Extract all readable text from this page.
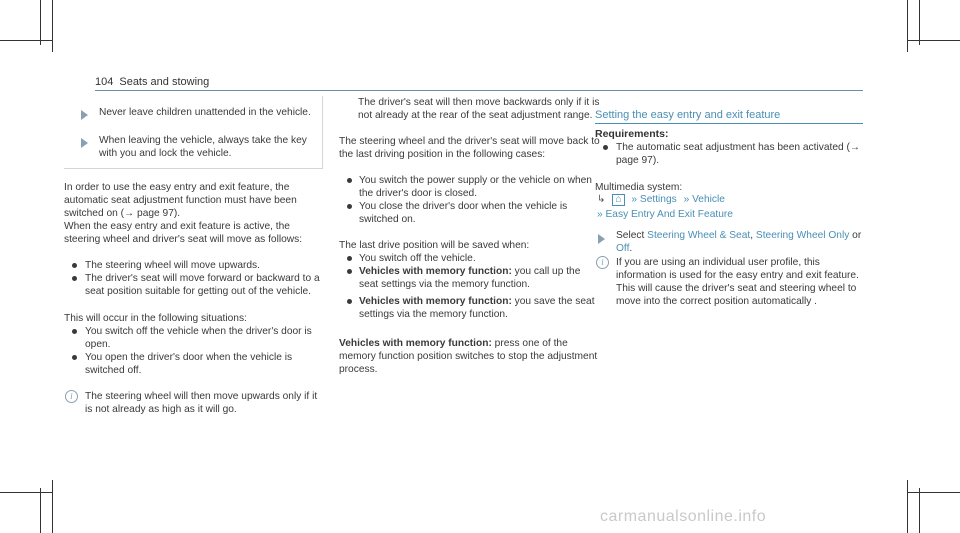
104 Seats and stowing
Never leave children unattended in the vehicle.
When leaving the vehicle, always take the key with you and lock the vehicle.
In order to use the easy entry and exit feature, the automatic seat adjustment function must have been switched on (→ page 97).
When the easy entry and exit feature is active, the steering wheel and driver's seat will move as follows:
The steering wheel will move upwards.
The driver's seat will move forward or backward to a seat position suitable for getting out of the vehicle.
This will occur in the following situations:
You switch off the vehicle when the driver's door is open.
You open the driver's door when the vehicle is switched off.
i	The steering wheel will then move upwards only if it is not already as high as it will go.
The driver's seat will then move backwards only if it is not already at the rear of the seat adjustment range.
The steering wheel and the driver's seat will move back to the last driving position in the following cases:
You switch the power supply or the vehicle on when the driver's door is closed.
You close the driver's door when the vehicle is switched on.
The last drive position will be saved when:
You switch off the vehicle.
Vehicles with memory function: you call up the seat settings via the memory function.
Vehicles with memory function: you save the seat settings via the memory function.
Vehicles with memory function: press one of the memory function position switches to stop the adjustment process.
Setting the easy entry and exit feature
Requirements:
The automatic seat adjustment has been activated (→ page 97).
Multimedia system:
↳ ⌂ » Settings » Vehicle
» Easy Entry And Exit Feature
Select Steering Wheel & Seat, Steering Wheel Only or Off.
i	If you are using an individual user profile, this information is used for the easy entry and exit feature. This will cause the driver's seat and steering wheel to move into the correct position automatically .
carmanualsonline.info
